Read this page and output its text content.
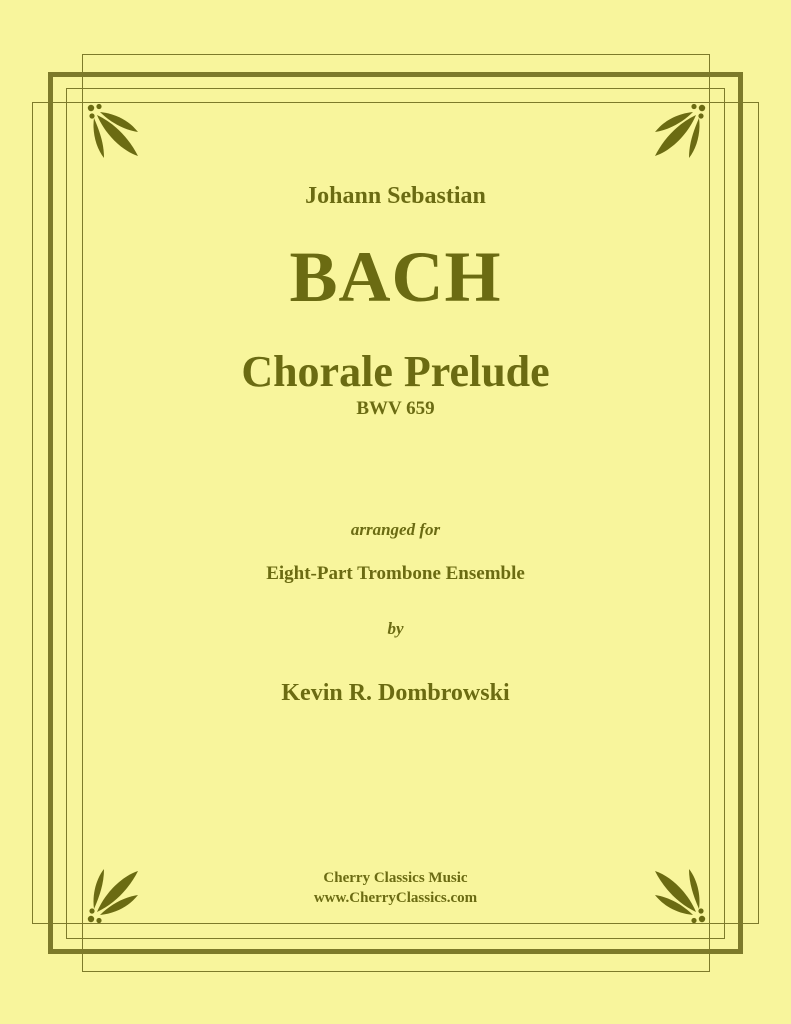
Johann Sebastian
BACH
Chorale Prelude
BWV 659
arranged for
Eight-Part Trombone Ensemble
by
Kevin R. Dombrowski
Cherry Classics Music
www.CherryClassics.com
